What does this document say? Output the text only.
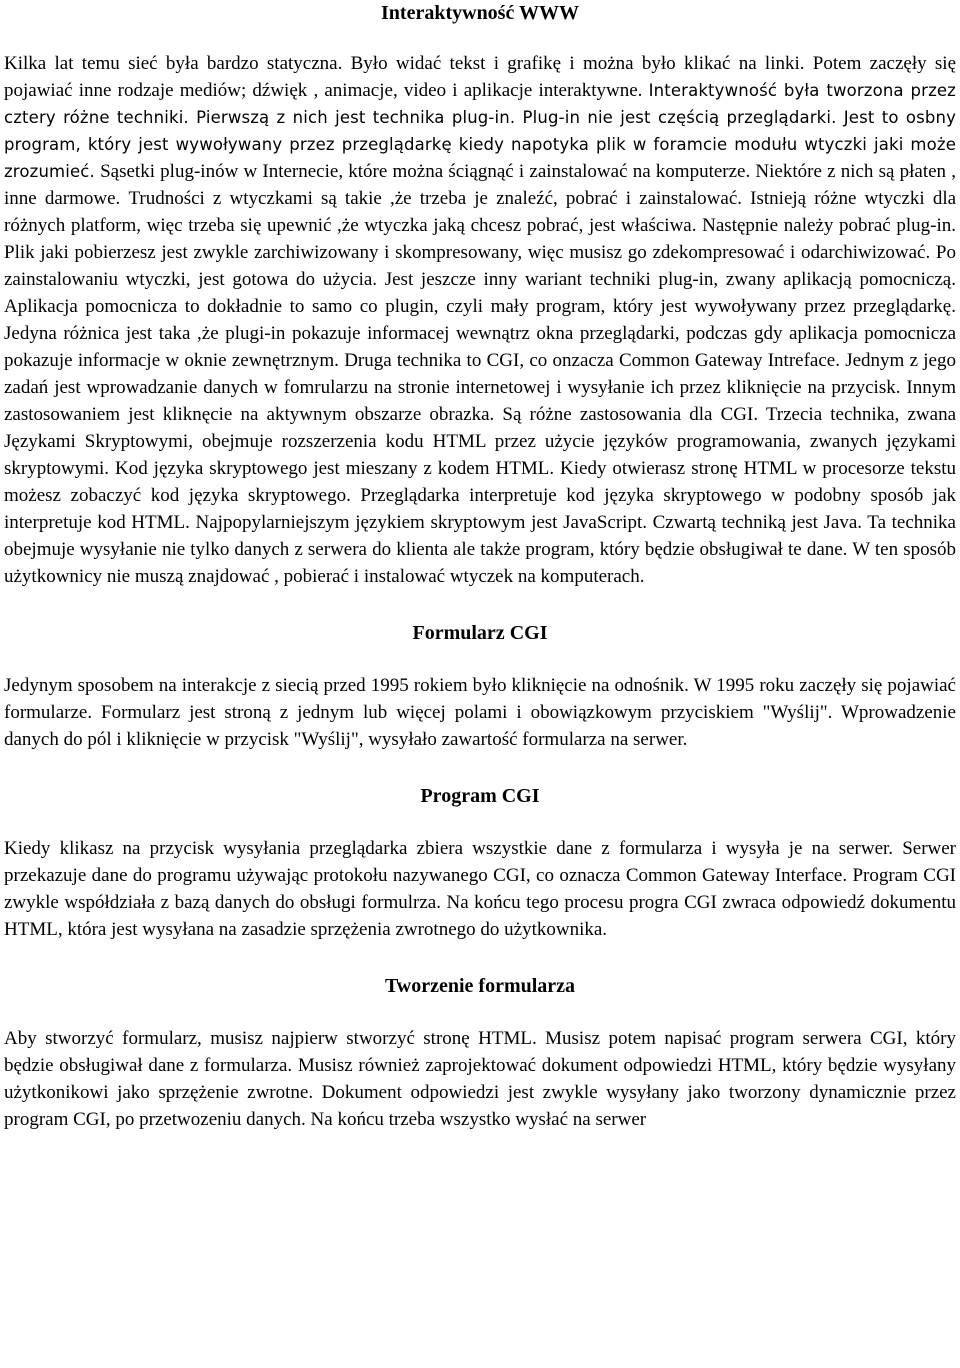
Interaktywność WWW

Kilka lat temu sieć była bardzo statyczna. Było widać tekst i grafikę i można było klikać na linki. Potem zaczęły się pojawiać inne rodzaje mediów; dźwięk , animacje, video i aplikacje interaktywne. Interaktywność była tworzona przez cztery różne techniki. Pierwszą z nich jest technika plug-in. Plug-in nie jest częścią przeglądarki. Jest to osbny program, który jest wywoływany przez przeglądarkę kiedy napotyka plik w foramcie modułu wtyczki jaki może zrozumieć. Sąsetki plug-inów w Internecie, które można ściągnąć i zainstalować na komputerze. Niektóre z nich są płaten , inne darmowe. Trudności z wtyczkami są takie ,że trzeba je znaleźć, pobrać i zainstalować. Istnieją różne wtyczki dla różnych platform, więc trzeba się upewnić ,że wtyczka jaką chcesz pobrać, jest właściwa. Następnie należy pobrać plug-in. Plik jaki pobierzesz jest zwykle zarchiwizowany i skompresowany, więc musisz go zdekompresować i odarchiwizować. Po zainstalowaniu wtyczki, jest gotowa do użycia. Jest jeszcze inny wariant techniki plug-in, zwany aplikacją pomocniczą. Aplikacja pomocnicza to dokładnie to samo co plugin, czyli mały program, który jest wywoływany przez przeglądarkę. Jedyna różnica jest taka ,że plugi-in pokazuje informacej wewnątrz okna przeglądarki, podczas gdy aplikacja pomocnicza pokazuje informacje w oknie zewnętrznym. Druga technika to CGI, co onzacza Common Gateway Intreface. Jednym z jego zadań jest wprowadzanie danych w fomrularzu na stronie internetowej i wysyłanie ich przez kliknięcie na przycisk. Innym zastosowaniem jest kliknęcie na aktywnym obszarze obrazka. Są różne zastosowania dla CGI. Trzecia technika, zwana Językami Skryptowymi, obejmuje rozszerzenia kodu HTML przez użycie języków programowania, zwanych językami skryptowymi. Kod języka skryptowego jest mieszany z kodem HTML. Kiedy otwierasz stronę HTML w procesorze tekstu możesz zobaczyć kod języka skryptowego. Przeglądarka interpretuje kod języka skryptowego w podobny sposób jak interpretuje kod HTML. Najpopylarniejszym językiem skryptowym jest JavaScript. Czwartą techniką jest Java. Ta technika obejmuje wysyłanie nie tylko danych z serwera do klienta ale także program, który będzie obsługiwał te dane. W ten sposób użytkownicy nie muszą znajdować , pobierać i instalować wtyczek na komputerach.

Formularz CGI

Jedynym sposobem na interakcje z siecią przed 1995 rokiem było kliknięcie na odnośnik. W 1995 roku zaczęły się pojawiać formularze. Formularz jest stroną z jednym lub więcej polami i obowiązkowym przyciskiem "Wyślij". Wprowadzenie danych do pól i kliknięcie w przycisk "Wyślij", wysyłało zawartość formularza na serwer.

Program CGI

Kiedy klikasz na przycisk wysyłania przeglądarka zbiera wszystkie dane z formularza i wysyła je na serwer. Serwer przekazuje dane do programu używając protokołu nazywanego CGI, co oznacza Common Gateway Interface. Program CGI zwykle współdziała z bazą danych do obsługi formulrza. Na końcu tego procesu progra CGI zwraca odpowiedź dokumentu HTML, która jest wysyłana na zasadzie sprzężenia zwrotnego do użytkownika.

Tworzenie formularza

Aby stworzyć formularz, musisz najpierw stworzyć stronę HTML. Musisz potem napisać program serwera CGI, który będzie obsługiwał dane z formularza. Musisz również zaprojektować dokument odpowiedzi HTML, który będzie wysyłany użytkonikowi jako sprzężenie zwrotne. Dokument odpowiedzi jest zwykle wysyłany jako tworzony dynamicznie przez program CGI, po przetwozeniu danych. Na końcu trzeba wszystko wysłać na serwer
